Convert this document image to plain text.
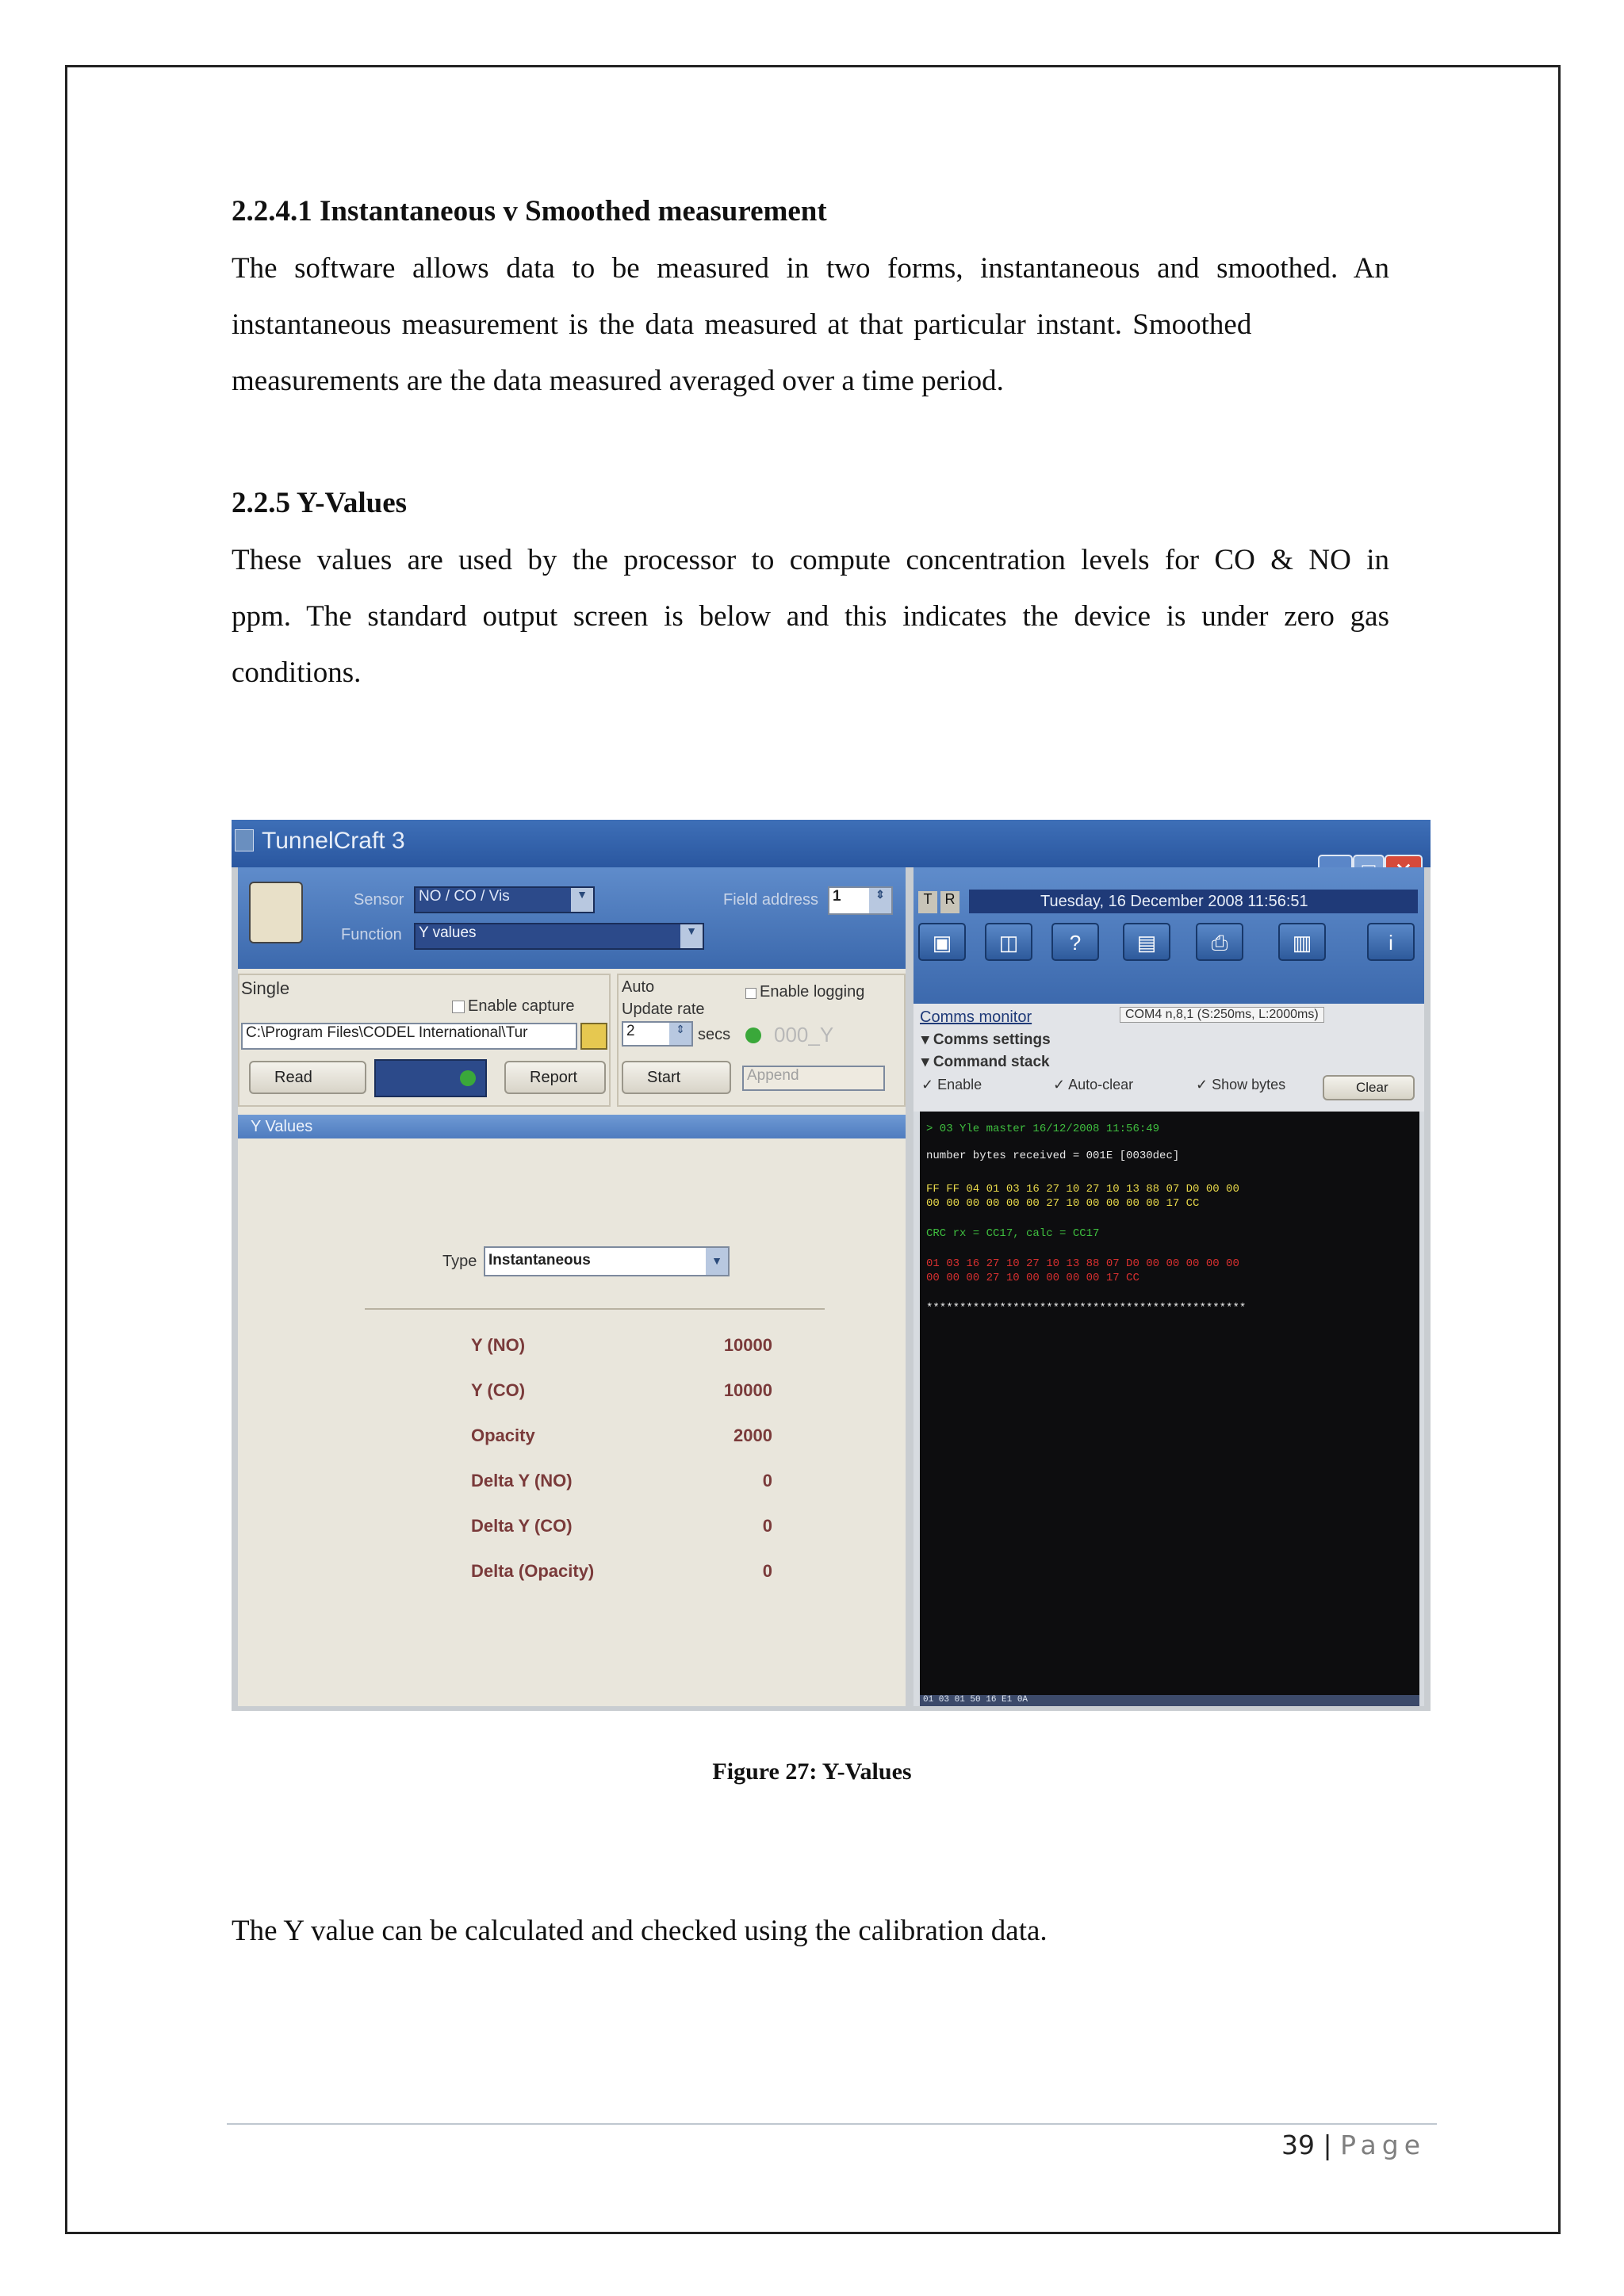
2.2.4.1 Instantaneous v Smoothed measurement

The software allows data to be measured in two forms, instantaneous and smoothed. An

instantaneous measurement is the data measured at that particular instant. Smoothed

measurements are the data measured averaged over a time period.

2.2.5 Y-Values

These values are used by the processor to compute concentration levels for CO & NO in

ppm. The standard output screen is below and this indicates the device is under zero gas

conditions.

TunnelCraft 3
Sensor NO / CO / Vis	▼
Function	Y values	▼
Field address 1	⇕
Single
Enable capture
C:\Program Files\CODEL International\Tur
Read	Report
Auto
Update rate
2	⇕ secs
Enable logging
000_Y
Start	Append
Y Values
Type Instantaneous	▼
Y (NO)	10000
Y (CO)	10000
Opacity	2000
Delta Y (NO)	0
Delta Y (CO)	0
Delta (Opacity)	0
T R	Tuesday, 16 December 2008 11:56:51
▣	◫	?	▤	⎙	▥	i
Comms monitor	COM4 n,8,1 (S:250ms, L:2000ms)
▾ Comms settings
▾ Command stack
✓ Enable	✓ Auto-clear	✓ Show bytes	Clear
> 03 Yle master 16/12/2008 11:56:49
number bytes received = 001E [0030dec]
FF FF 04 01 03 16 27 10 27 10 13 88 07 D0 00 00
00 00 00 00 00 00 27 10 00 00 00 00 17 CC
CRC rx = CC17, calc = CC17
01 03 16 27 10 27 10 13 88 07 D0 00 00 00 00 00
00 00 00 27 10 00 00 00 00 17 CC
************************************************
01 03 01 50 16 E1 0A
Figure 27: Y-Values

The Y value can be calculated and checked using the calibration data.

39 | Page
